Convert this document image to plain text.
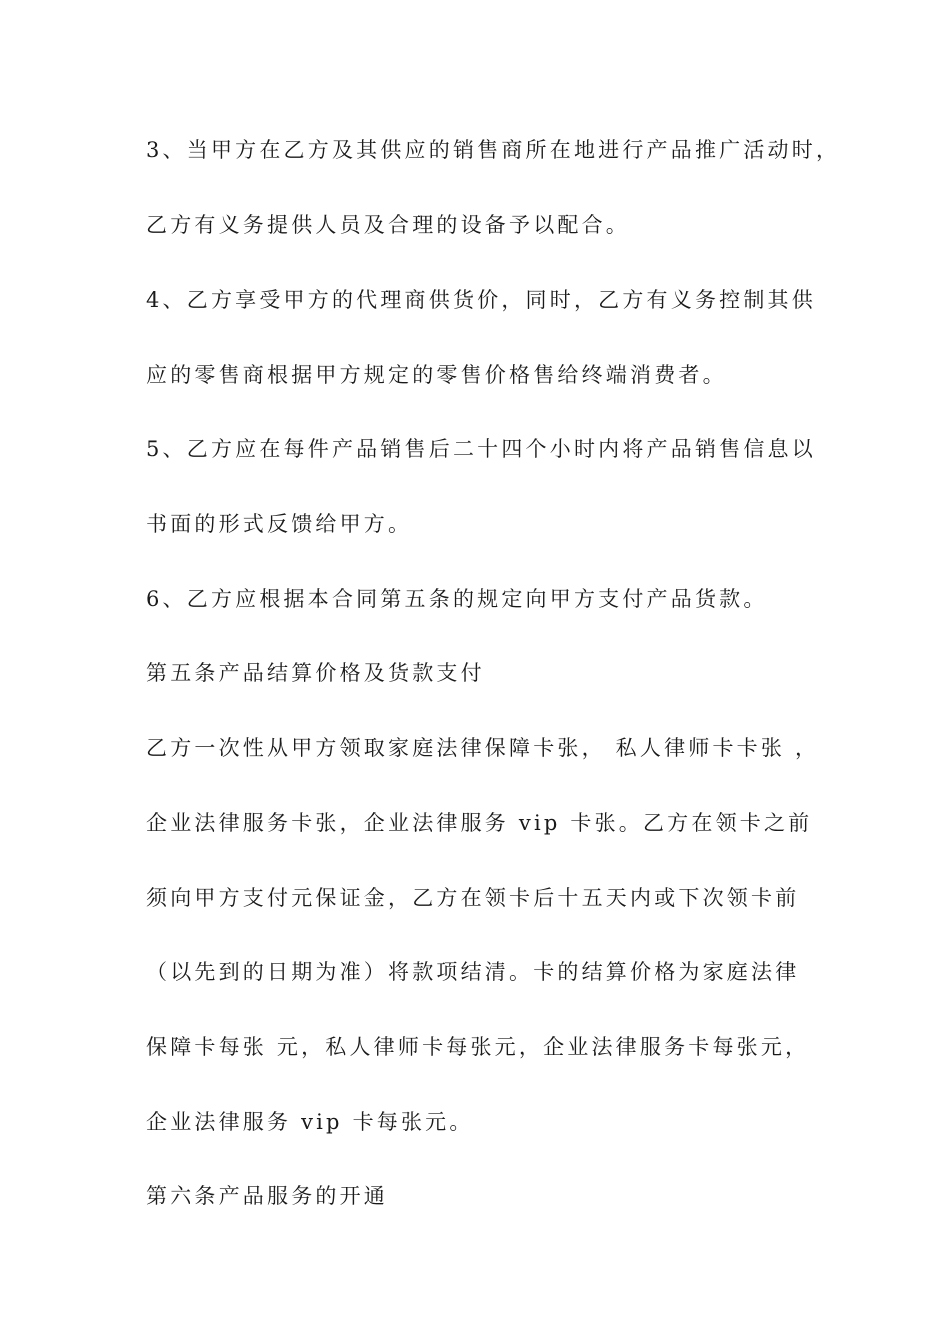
3、当甲方在乙方及其供应的销售商所在地进行产品推广活动时，
乙方有义务提供人员及合理的设备予以配合。
4、乙方享受甲方的代理商供货价，同时，乙方有义务控制其供
应的零售商根据甲方规定的零售价格售给终端消费者。
5、乙方应在每件产品销售后二十四个小时内将产品销售信息以
书面的形式反馈给甲方。
6、乙方应根据本合同第五条的规定向甲方支付产品货款。
第五条产品结算价格及货款支付
乙方一次性从甲方领取家庭法律保障卡张， 私人律师卡卡张 ，
企业法律服务卡张，企业法律服务 vip 卡张。乙方在领卡之前
须向甲方支付元保证金，乙方在领卡后十五天内或下次领卡前
（以先到的日期为准）将款项结清。卡的结算价格为家庭法律
保障卡每张 元，私人律师卡每张元，企业法律服务卡每张元，
企业法律服务 vip 卡每张元。
第六条产品服务的开通
